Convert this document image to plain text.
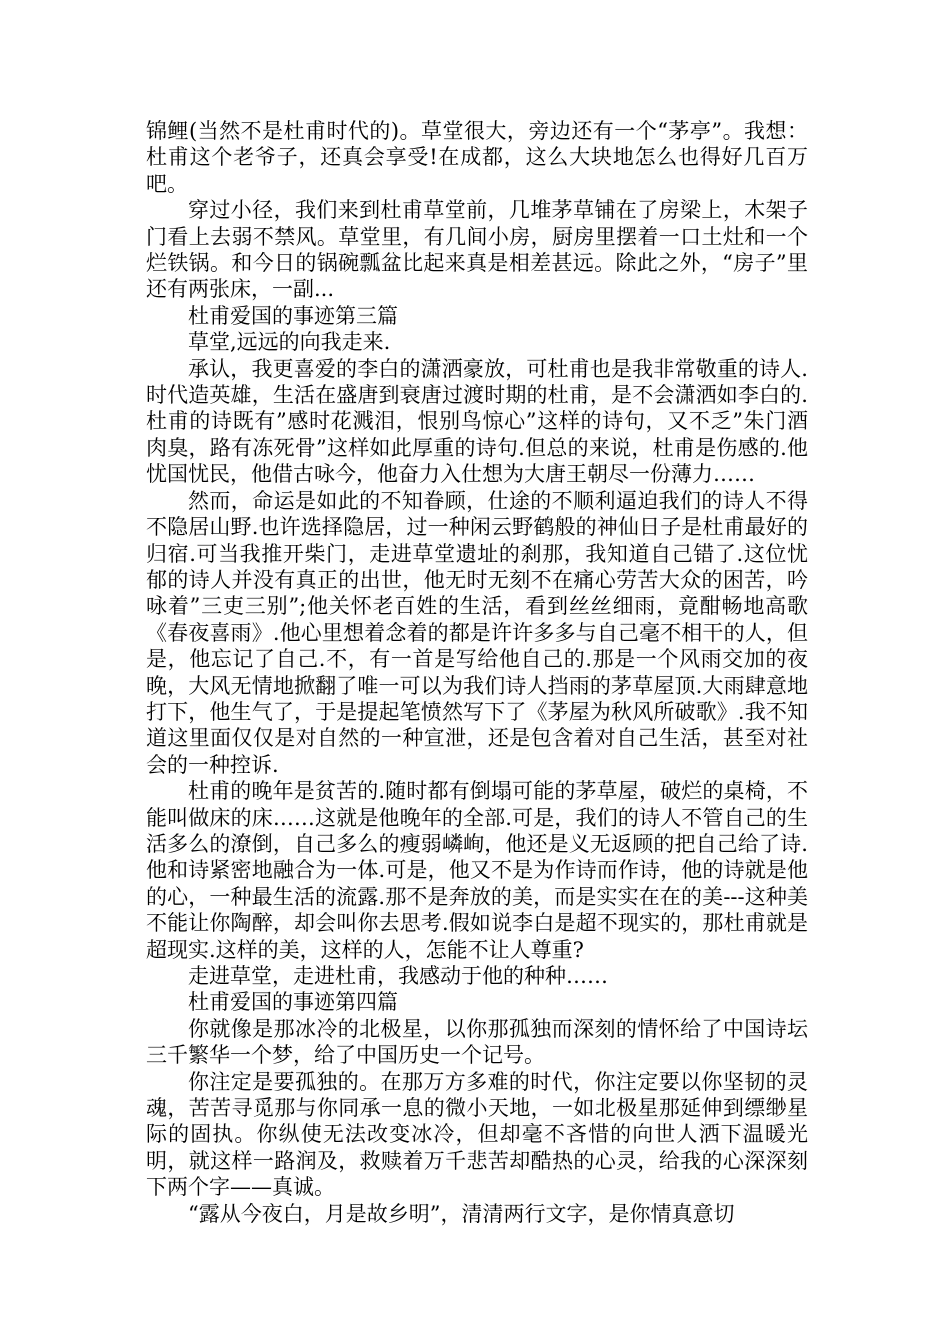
锦鲤(当然不是杜甫时代的)。草堂很大，旁边还有一个“茅亭”。我想：杜甫这个老爷子，还真会享受!在成都，这么大块地怎么也得好几百万吧。

穿过小径，我们来到杜甫草堂前，几堆茅草铺在了房梁上，木架子门看上去弱不禁风。草堂里，有几间小房，厨房里摆着一口土灶和一个烂铁锅。和今日的锅碗瓢盆比起来真是相差甚远。除此之外，“房子”里还有两张床，一副...

杜甫爱国的事迹第三篇

草堂,远远的向我走来.

承认，我更喜爱的李白的潇洒豪放，可杜甫也是我非常敬重的诗人.时代造英雄，生活在盛唐到衰唐过渡时期的杜甫，是不会潇洒如李白的.杜甫的诗既有”感时花溅泪，恨别鸟惊心”这样的诗句，又不乏”朱门酒肉臭，路有冻死骨”这样如此厚重的诗句.但总的来说，杜甫是伤感的.他忧国忧民，他借古咏今，他奋力入仕想为大唐王朝尽一份薄力……

然而，命运是如此的不知眷顾，仕途的不顺利逼迫我们的诗人不得不隐居山野.也许选择隐居，过一种闲云野鹤般的神仙日子是杜甫最好的归宿.可当我推开柴门，走进草堂遗址的刹那，我知道自己错了.这位忧郁的诗人并没有真正的出世，他无时无刻不在痛心劳苦大众的困苦，吟咏着”三吏三别”;他关怀老百姓的生活，看到丝丝细雨，竟酣畅地高歌《春夜喜雨》.他心里想着念着的都是许许多多与自己毫不相干的人，但是，他忘记了自己.不，有一首是写给他自己的.那是一个风雨交加的夜晚，大风无情地掀翻了唯一可以为我们诗人挡雨的茅草屋顶.大雨肆意地打下，他生气了，于是提起笔愤然写下了《茅屋为秋风所破歌》.我不知道这里面仅仅是对自然的一种宣泄，还是包含着对自己生活，甚至对社会的一种控诉.

杜甫的晚年是贫苦的.随时都有倒塌可能的茅草屋，破烂的桌椅，不能叫做床的床……这就是他晚年的全部.可是，我们的诗人不管自己的生活多么的潦倒，自己多么的瘦弱嶙峋，他还是义无返顾的把自己给了诗.他和诗紧密地融合为一体.可是，他又不是为作诗而作诗，他的诗就是他的心，一种最生活的流露.那不是奔放的美，而是实实在在的美---这种美不能让你陶醉，却会叫你去思考.假如说李白是超不现实的，那杜甫就是超现实.这样的美，这样的人，怎能不让人尊重?

走进草堂，走进杜甫，我感动于他的种种……

杜甫爱国的事迹第四篇

你就像是那冰冷的北极星，以你那孤独而深刻的情怀给了中国诗坛三千繁华一个梦，给了中国历史一个记号。

你注定是要孤独的。在那万方多难的时代，你注定要以你坚韧的灵魂，苦苦寻觅那与你同承一息的微小天地，一如北极星那延伸到缥缈星际的固执。你纵使无法改变冰冷，但却毫不吝惜的向世人洒下温暖光明，就这样一路润及，救赎着万千悲苦却酷热的心灵，给我的心深深刻下两个字——真诚。

“露从今夜白，月是故乡明”，清清两行文字，是你情真意切
